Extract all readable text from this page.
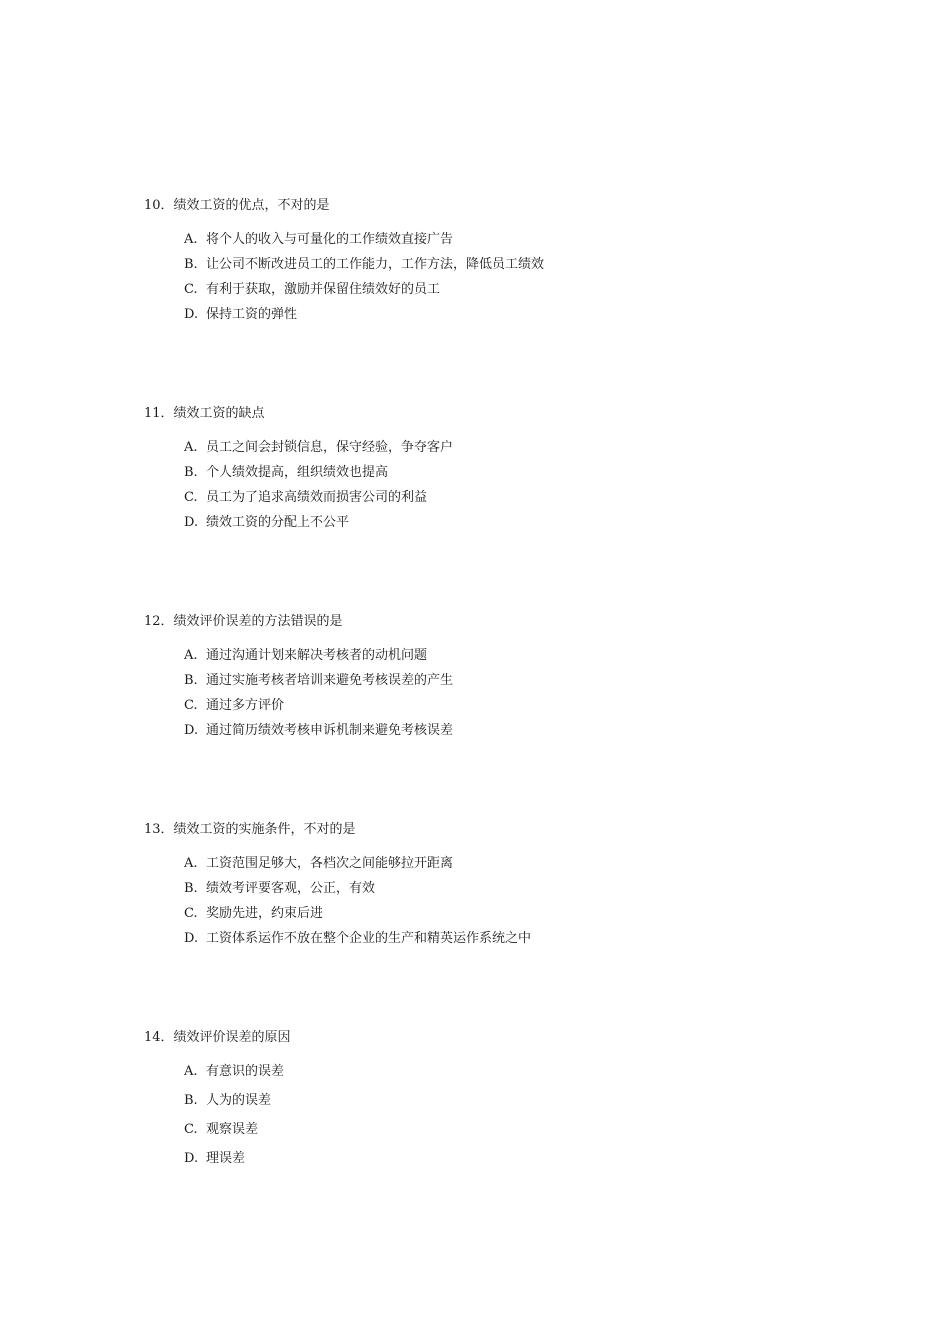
10．绩效工资的优点，不对的是
A. 将个人的收入与可量化的工作绩效直接广告
B. 让公司不断改进员工的工作能力，工作方法，降低员工绩效
C. 有利于获取，激励并保留住绩效好的员工
D. 保持工资的弹性
11．绩效工资的缺点
A. 员工之间会封锁信息，保守经验，争夺客户
B. 个人绩效提高，组织绩效也提高
C. 员工为了追求高绩效而损害公司的利益
D. 绩效工资的分配上不公平
12．绩效评价误差的方法错误的是
A. 通过沟通计划来解决考核者的动机问题
B. 通过实施考核者培训来避免考核误差的产生
C. 通过多方评价
D. 通过简历绩效考核申诉机制来避免考核误差
13．绩效工资的实施条件，不对的是
A. 工资范围足够大，各档次之间能够拉开距离
B. 绩效考评要客观，公正，有效
C. 奖励先进，约束后进
D. 工资体系运作不放在整个企业的生产和精英运作系统之中
14．绩效评价误差的原因
A. 有意识的误差
B. 人为的误差
C. 观察误差
D. 理误差
